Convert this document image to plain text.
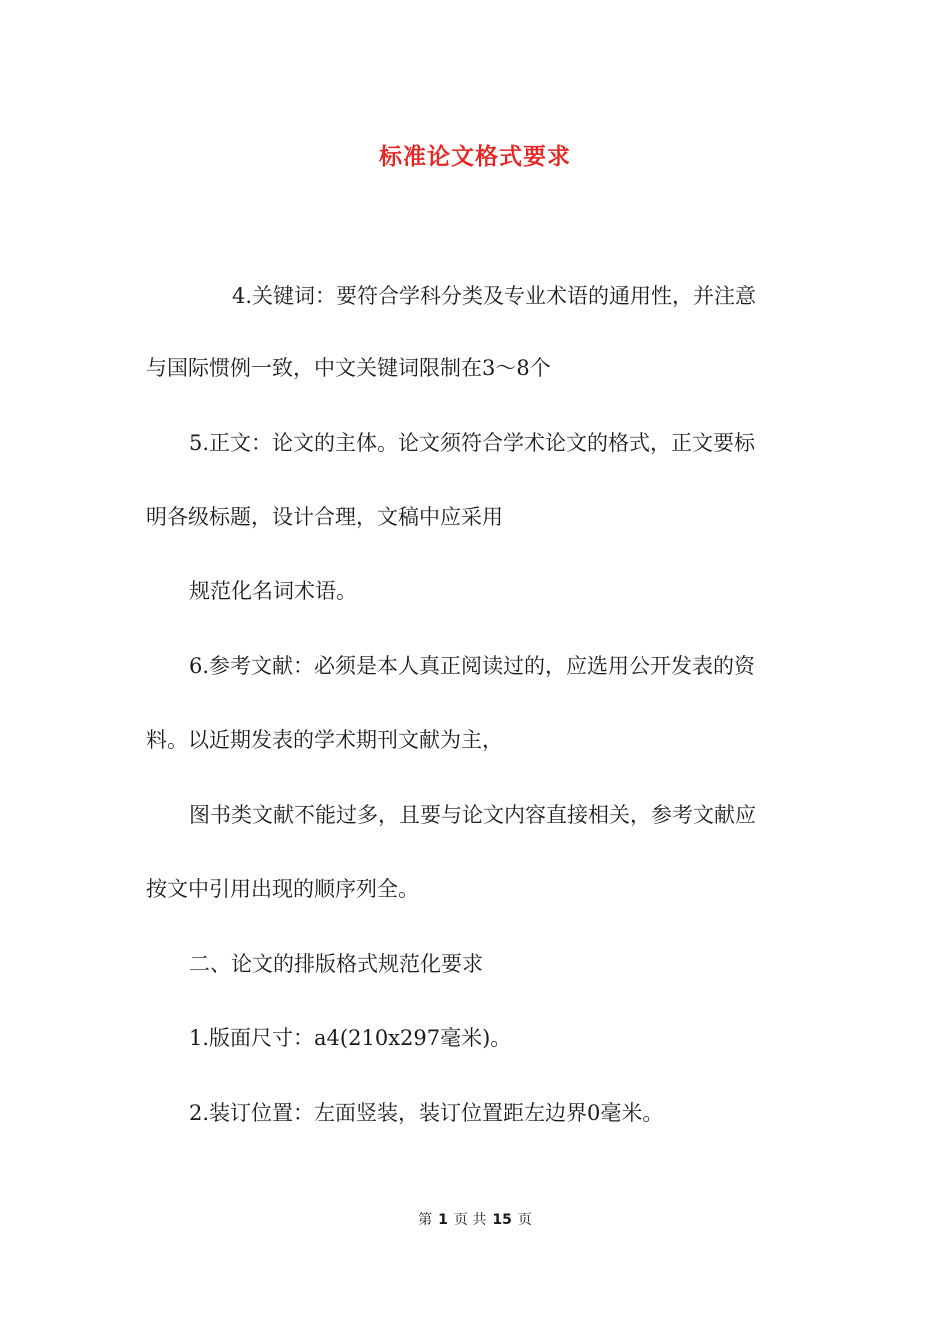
标准论文格式要求
4.关键词：要符合学科分类及专业术语的通用性，并注意
与国际惯例一致，中文关键词限制在3～8个
5.正文：论文的主体。论文须符合学术论文的格式，正文要标
明各级标题，设计合理，文稿中应采用
规范化名词术语。
6.参考文献：必须是本人真正阅读过的，应选用公开发表的资
料。以近期发表的学术期刊文献为主，
图书类文献不能过多，且要与论文内容直接相关，参考文献应
按文中引用出现的顺序列全。
二、论文的排版格式规范化要求
1.版面尺寸：a4(210x297毫米)。
2.装订位置：左面竖装，装订位置距左边界0毫米。
第 1 页 共 15 页
